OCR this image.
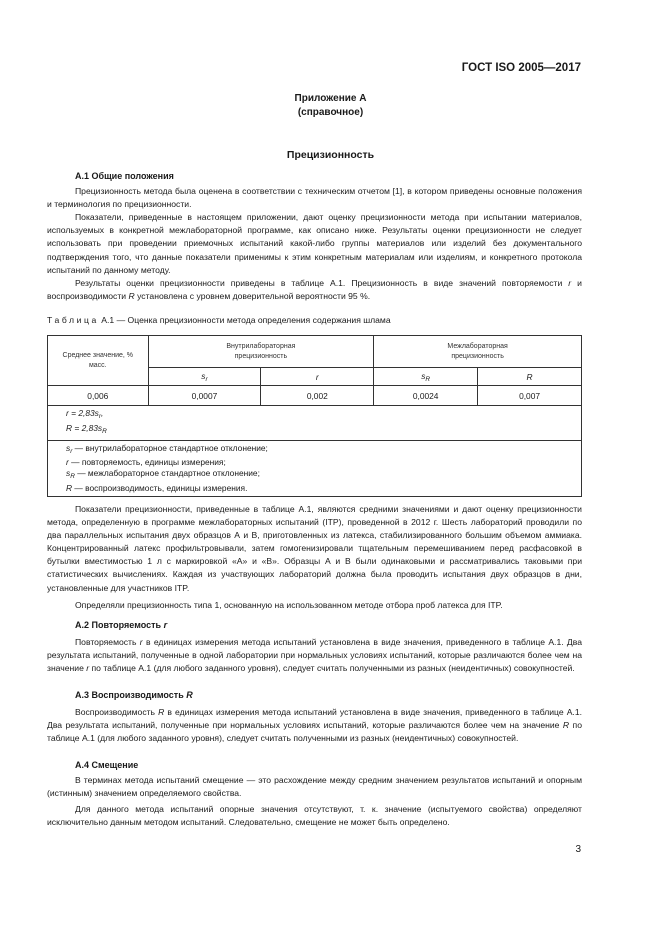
ГОСТ ISO 2005—2017
Приложение А
(справочное)
Прецизионность

А.1 Общие положения

Прецизионность метода была оценена в соответствии с техническим отчетом [1], в котором приведены основные положения и терминология по прецизионности.

Показатели, приведенные в настоящем приложении, дают оценку прецизионности метода при испытании материалов, используемых в конкретной межлабораторной программе, как описано ниже. Результаты оценки прецизионности не следует использовать при проведении приемочных испытаний какой-либо группы материалов или изделий без документального подтверждения того, что данные показатели применимы к этим конкретным материалам или изделиям, и конкретного протокола испытаний по данному методу.

Результаты оценки прецизионности приведены в таблице А.1. Прецизионность в виде значений повторяемости r и воспроизводимости R установлена с уровнем доверительной вероятности 95 %.

Таблица А.1 — Оценка прецизионности метода определения содержания шлама
Среднее значение, % масс.	Внутрилабораторная прецизионность		Межлабораторная прецизионность	
	$s_r$	r	$s_R$	R
0,006	0,0007	0,002	0,0024	0,007

$r = 2,83s_r$,
$R = 2,83s_R$

$s_r$ — внутрилабораторное стандартное отклонение;
r — повторяемость, единицы измерения;
$s_R$ — межлабораторное стандартное отклонение;
R — воспроизводимость, единицы измерения.				

Показатели прецизионности, приведенные в таблице А.1, являются средними значениями и дают оценку прецизионности метода, определенную в программе межлабораторных испытаний (ITP), проведенной в 2012 г. Шесть лабораторий проводили по два параллельных испытания двух образцов А и В, приготовленных из латекса, стабилизированного большим объемом аммиака. Концентрированный латекс профильтровывали, затем гомогенизировали тщательным перемешиванием перед расфасовкой в бутылки вместимостью 1 л с маркировкой «А» и «В». Образцы А и В были одинаковыми и рассматривались таковыми при статистических вычислениях. Каждая из участвующих лабораторий должна была проводить испытания двух образцов в дни, установленные для участников ITP.

Определяли прецизионность типа 1, основанную на использованном методе отбора проб латекса для ITP.

А.2 Повторяемость r

Повторяемость r в единицах измерения метода испытаний установлена в виде значения, приведенного в таблице А.1. Два результата испытаний, полученные в одной лаборатории при нормальных условиях испытаний, которые различаются более чем на значение r по таблице А.1 (для любого заданного уровня), следует считать полученными из разных (неидентичных) совокупностей.

А.3 Воспроизводимость R

Воспроизводимость R в единицах измерения метода испытаний установлена в виде значения, приведенного в таблице А.1. Два результата испытаний, полученные при нормальных условиях испытаний, которые различаются более чем на значение R по таблице А.1 (для любого заданного уровня), следует считать полученными из разных (неидентичных) совокупностей.

А.4 Смещение

В терминах метода испытаний смещение — это расхождение между средним значением результатов испытаний и опорным (истинным) значением определяемого свойства.

Для данного метода испытаний опорные значения отсутствуют, т. к. значение (испытуемого свойства) определяют исключительно данным методом испытаний. Следовательно, смещение не может быть определено.

3
